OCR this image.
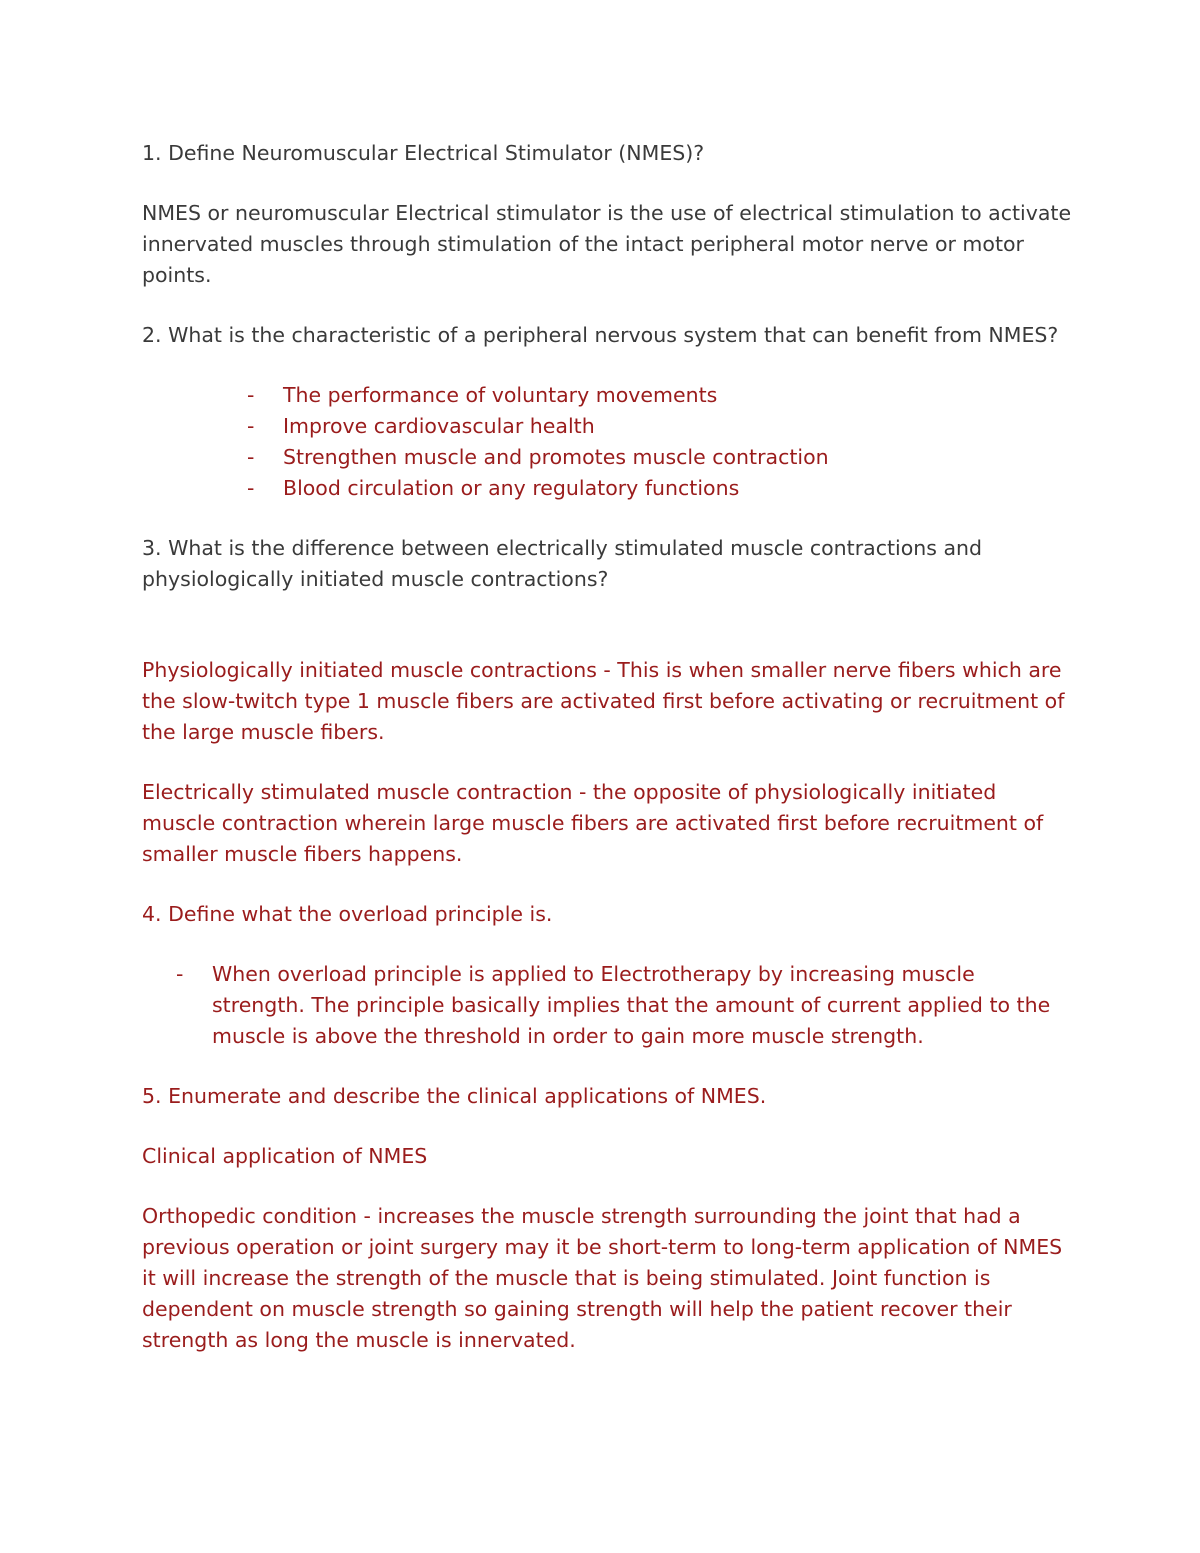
1. Define Neuromuscular Electrical Stimulator (NMES)?

NMES or neuromuscular Electrical stimulator is the use of electrical stimulation to activate innervated muscles through stimulation of the intact peripheral motor nerve or motor points.

2. What is the characteristic of a peripheral nervous system that can benefit from NMES?

- The performance of voluntary movements
- Improve cardiovascular health
- Strengthen muscle and promotes muscle contraction
- Blood circulation or any regulatory functions

3. What is the difference between electrically stimulated muscle contractions and physiologically initiated muscle contractions?

Physiologically initiated muscle contractions - This is when smaller nerve fibers which are the slow-twitch type 1 muscle fibers are activated first before activating or recruitment of the large muscle fibers.

Electrically stimulated muscle contraction - the opposite of physiologically initiated muscle contraction wherein large muscle fibers are activated first before recruitment of smaller muscle fibers happens.

4. Define what the overload principle is.

- When overload principle is applied to Electrotherapy by increasing muscle strength. The principle basically implies that the amount of current applied to the muscle is above the threshold in order to gain more muscle strength.

5. Enumerate and describe the clinical applications of NMES.

Clinical application of NMES

Orthopedic condition - increases the muscle strength surrounding the joint that had a previous operation or joint surgery may it be short-term to long-term application of NMES it will increase the strength of the muscle that is being stimulated. Joint function is dependent on muscle strength so gaining strength will help the patient recover their strength as long the muscle is innervated.
